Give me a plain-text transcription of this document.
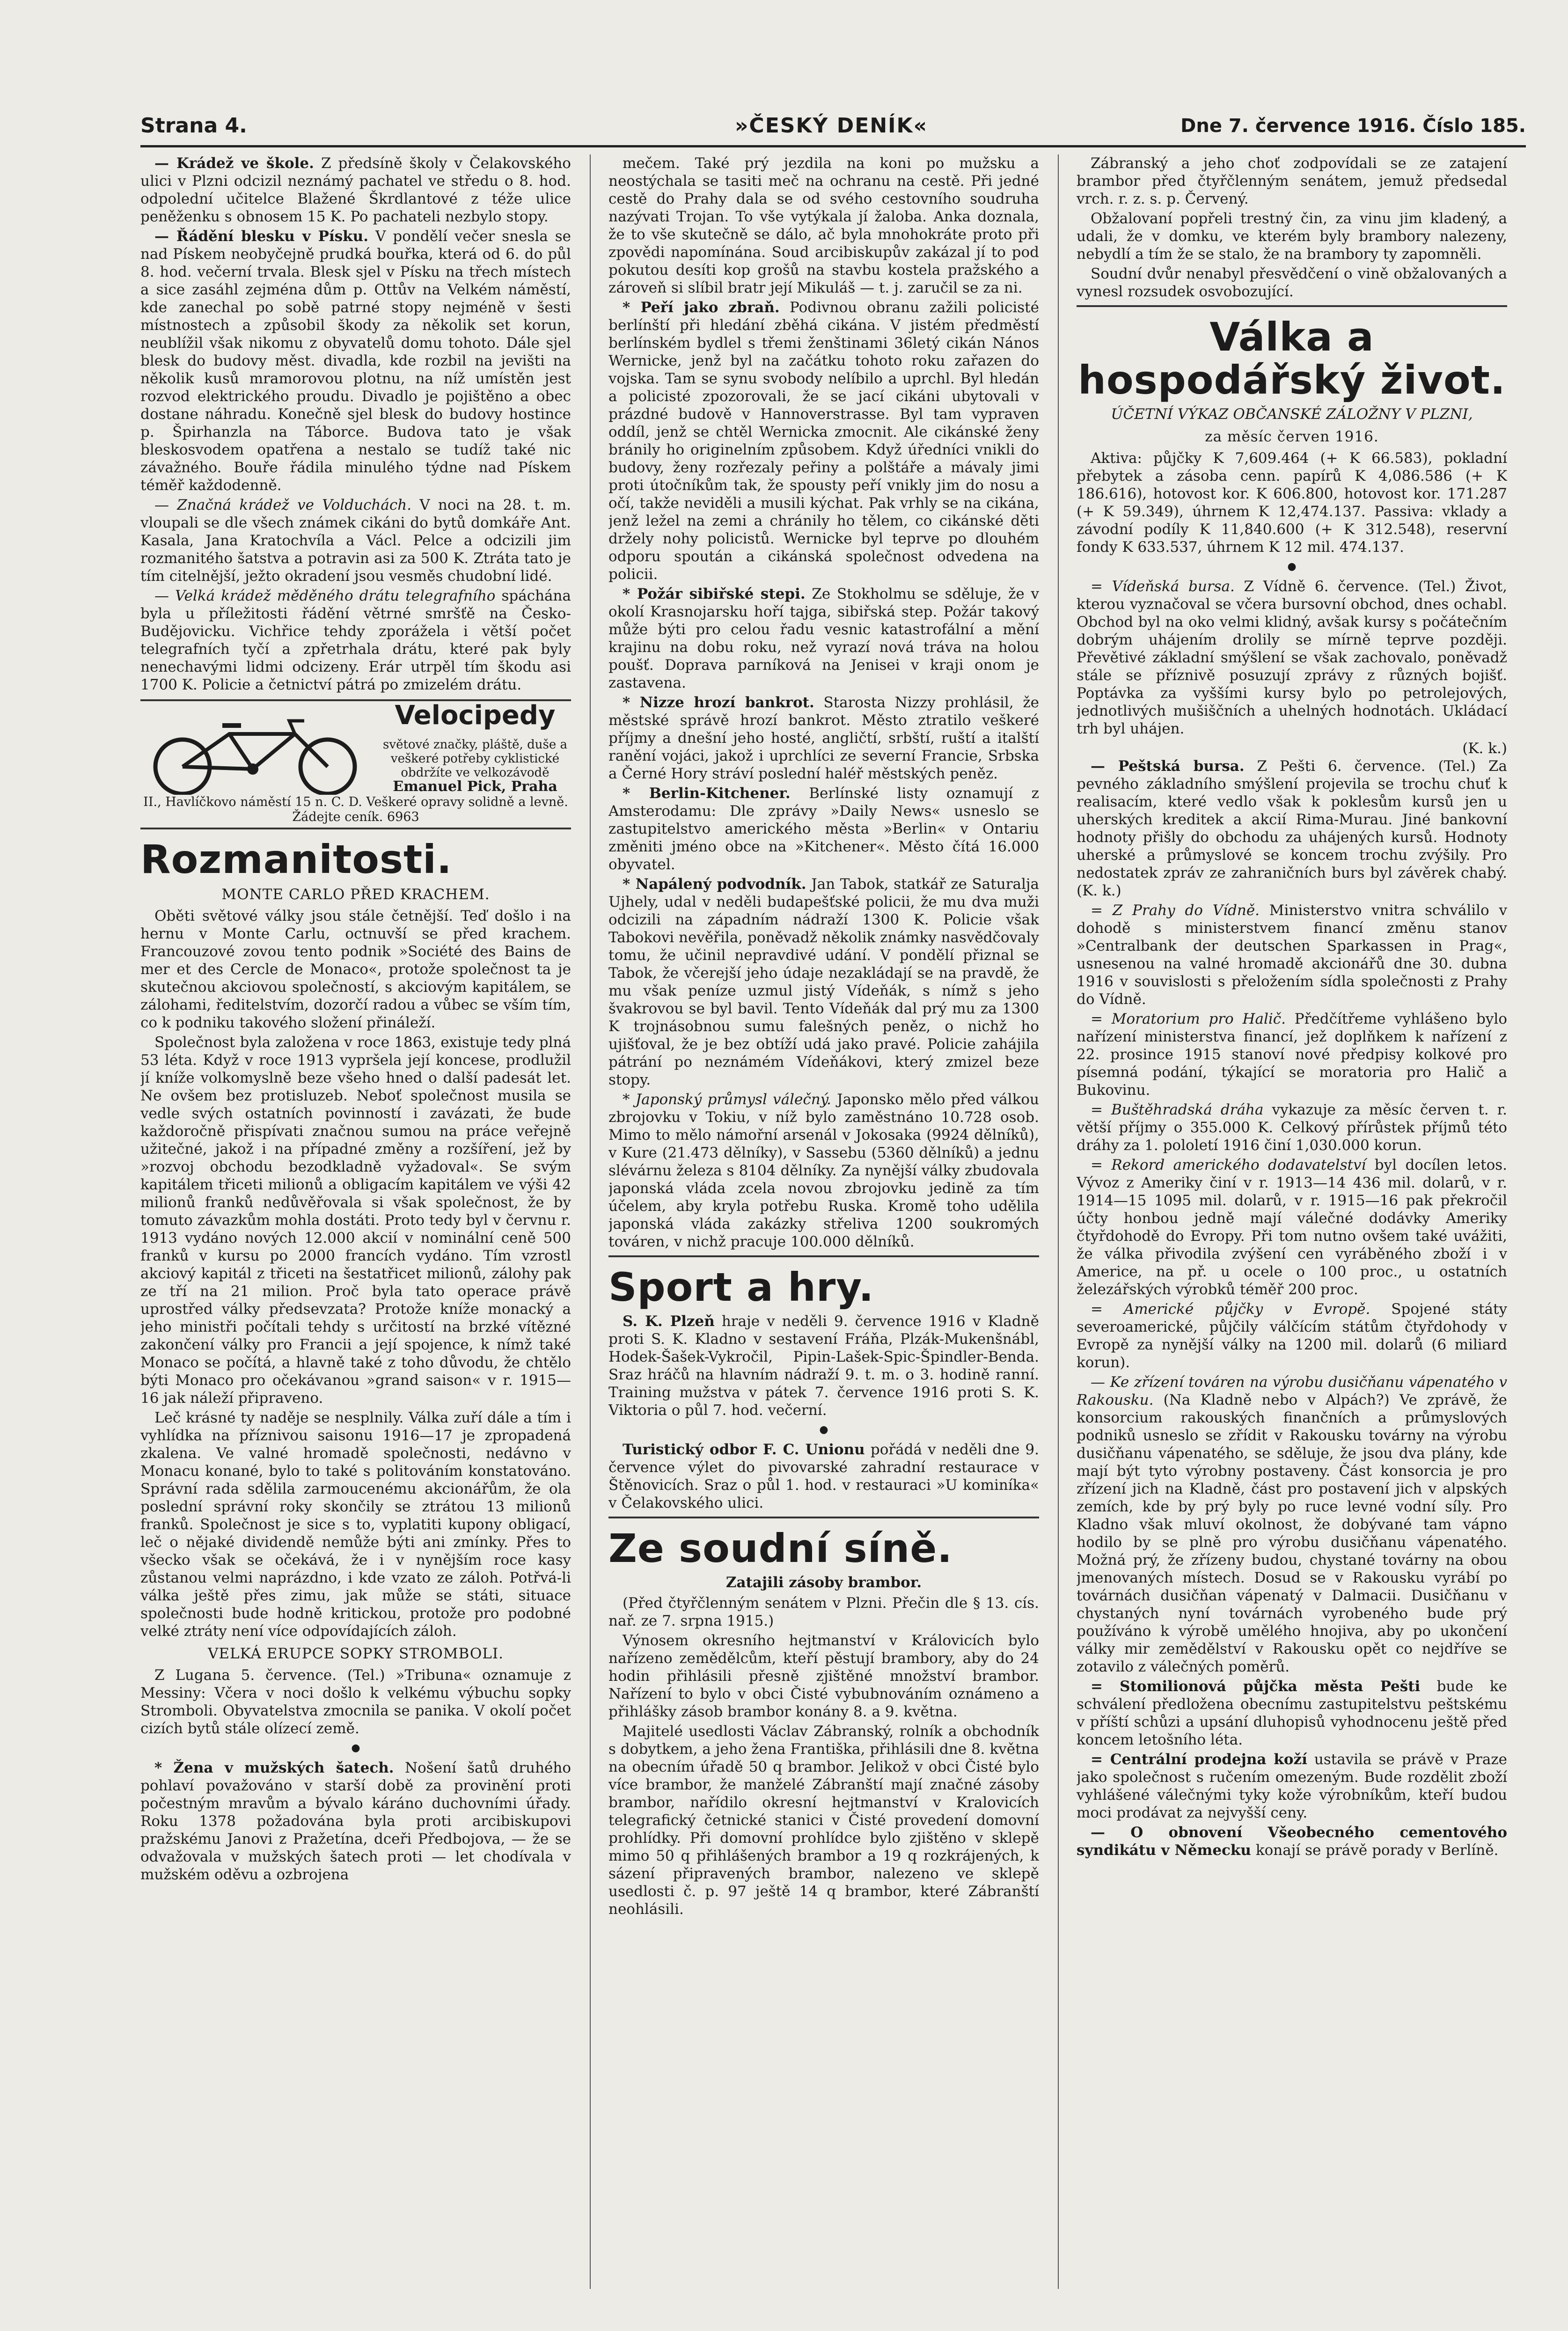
Strana 4.	»ČESKÝ DENÍK«	Dne 7. července 1916. Číslo 185.

— Krádež ve škole. Z předsíně školy v Čelakovského ulici v Plzni odcizil neznámý pachatel ve středu o 8. hod. odpolední učitelce Blažené Škrdlantové z téže ulice peněženku s obnosem 15 K. Po pachateli nezbylo stopy.

— Řádění blesku v Písku. V pondělí večer snesla se nad Pískem neobyčejně prudká bouřka, která od 6. do půl 8. hod. večerní trvala. Blesk sjel v Písku na třech místech a sice zasáhl zejména dům p. Ottův na Velkém náměstí, kde zanechal po sobě patrné stopy nejméně v šesti místnostech a způsobil škody za několik set korun, neublížil však nikomu z obyvatelů domu tohoto. Dále sjel blesk do budovy měst. divadla, kde rozbil na jevišti na několik kusů mramorovou plotnu, na níž umístěn jest rozvod elektrického proudu. Divadlo je pojištěno a obec dostane náhradu. Konečně sjel blesk do budovy hostince p. Špirhanzla na Táborce. Budova tato je však bleskosvodem opatřena a nestalo se tudíž také nic závažného. Bouře řádila minulého týdne nad Pískem téměř každodenně.

— Značná krádež ve Volduchách. V noci na 28. t. m. vloupali se dle všech známek cikáni do bytů domkáře Ant. Kasala, Jana Kratochvíla a Václ. Pelce a odcizili jim rozmanitého šatstva a potravin asi za 500 K. Ztráta tato je tím citelnější, ježto okradení jsou vesměs chudobní lidé.

— Velká krádež měděného drátu telegrafního spáchána byla u příležitosti řádění větrné smršťě na Česko-Budějovicku. Vichřice tehdy zporážela i větší počet telegrafních tyčí a zpřetrhala drátu, které pak byly nenechavými lidmi odcizeny. Erár utrpěl tím škodu asi 1700 K. Policie a četnictví pátrá po zmizelém drátu.

Velocipedy
světové značky, pláště, duše a veškeré potřeby cyklistické obdržíte ve velkozávodě
Emanuel Pick, Praha
II., Havlíčkovo náměstí 15 n. C. D. Veškeré opravy solidně a levně. Žádejte ceník. 6963
Rozmanitosti.
MONTE CARLO PŘED KRACHEM.

Oběti světové války jsou stále četnější. Teď došlo i na hernu v Monte Carlu, octnuvší se před krachem. Francouzové zovou tento podnik »Société des Bains de mer et des Cercle de Monaco«, protože společnost ta je skutečnou akciovou společností, s akciovým kapitálem, se zálohami, ředitelstvím, dozorčí radou a vůbec se vším tím, co k podniku takového složení přináleží.

Společnost byla založena v roce 1863, existuje tedy plná 53 léta. Když v roce 1913 vypršela její koncese, prodlužil jí kníže volkomyslně beze všeho hned o další padesát let. Ne ovšem bez protisluzeb. Neboť společnost musila se vedle svých ostatních povinností i zavázati, že bude každoročně přispívati značnou sumou na práce veřejně užitečné, jakož i na případné změny a rozšíření, jež by »rozvoj obchodu bezodkladně vyžadoval«. Se svým kapitálem třiceti milionů a obligacím kapitálem ve výši 42 milionů franků nedůvěřovala si však společnost, že by tomuto závazkům mohla dostáti. Proto tedy byl v červnu r. 1913 vydáno nových 12.000 akcií v nominální ceně 500 franků v kursu po 2000 francích vydáno. Tím vzrostl akciový kapitál z třiceti na šestatřicet milionů, zálohy pak ze tří na 21 milion. Proč byla tato operace právě uprostřed války předsevzata? Protože kníže monacký a jeho ministři počítali tehdy s určitostí na brzké vítězné zakončení války pro Francii a její spojence, k nímž také Monaco se počítá, a hlavně také z toho důvodu, že chtělo býti Monaco pro očekávanou »grand saison« v r. 1915—16 jak náleží připraveno.

Leč krásné ty naděje se nesplnily. Válka zuří dále a tím i vyhlídka na příznivou saisonu 1916—17 je zpropadená zkalena. Ve valné hromadě společnosti, nedávno v Monacu konané, bylo to také s politováním konstatováno. Správní rada sdělila zarmoucenému akcionářům, že ola poslední správní roky skončily se ztrátou 13 milionů franků. Společnost je sice s to, vyplatiti kupony obligací, leč o nějaké dividendě nemůže býti ani zmínky. Přes to všecko však se očekává, že i v nynějším roce kasy zůstanou velmi naprázdno, i kde vzato ze záloh. Potřvá-li válka ještě přes zimu, jak může se státi, situace společnosti bude hodně kritickou, protože pro podobné velké ztráty není více odpovídajících záloh.

VELKÁ ERUPCE SOPKY STROMBOLI.

Z Lugana 5. července. (Tel.) »Tribuna« oznamuje z Messiny: Včera v noci došlo k velkému výbuchu sopky Stromboli. Obyvatelstva zmocnila se panika. V okolí počet cizích bytů stále olízecí země.

●

* Žena v mužských šatech. Nošení šatů druhého pohlaví považováno v starší době za provinění proti počestným mravům a bývalo káráno duchovními úřady. Roku 1378 požadována byla proti arcibiskupovi pražskému Janovi z Pražetína, dceři Předbojova, — že se odvažovala v mužských šatech proti — let chodívala v mužském oděvu a ozbrojena

mečem. Také prý jezdila na koni po mužsku a neostýchala se tasiti meč na ochranu na cestě. Při jedné cestě do Prahy dala se od svého cestovního soudruha nazývati Trojan. To vše vytýkala jí žaloba. Anka doznala, že to vše skutečně se dálo, ač byla mnohokráte proto při zpovědi napomínána. Soud arcibiskupův zakázal jí to pod pokutou desíti kop grošů na stavbu kostela pražského a zároveň si slíbil bratr její Mikuláš — t. j. zaručil se za ni.

* Peří jako zbraň. Podivnou obranu zažili policisté berlínští při hledání zběhá cikána. V jistém předměstí berlínském bydlel s třemi ženštinami 36letý cikán Nános Wernicke, jenž byl na začátku tohoto roku zařazen do vojska. Tam se synu svobody nelíbilo a uprchl. Byl hledán a policisté zpozorovali, že se jací cikáni ubytovali v prázdné budově v Hannoverstrasse. Byl tam vypraven oddíl, jenž se chtěl Wernicka zmocnit. Ale cikánské ženy bránily ho originelním způsobem. Když úředníci vnikli do budovy, ženy rozřezaly peřiny a polštáře a mávaly jimi proti útočníkům tak, že spousty peří vnikly jim do nosu a očí, takže neviděli a musili kýchat. Pak vrhly se na cikána, jenž ležel na zemi a chránily ho tělem, co cikánské děti držely nohy policistů. Wernicke byl teprve po dlouhém odporu spoután a cikánská společnost odvedena na policii.

* Požár sibiřské stepi. Ze Stokholmu se sděluje, že v okolí Krasnojarsku hoří tajga, sibiřská step. Požár takový může býti pro celou řadu vesnic katastrofální a mění krajinu na dobu roku, než vyrazí nová tráva na holou poušť. Doprava parníková na Jenisei v kraji onom je zastavena.

* Nizze hrozí bankrot. Starosta Nizzy prohlásil, že městské správě hrozí bankrot. Město ztratilo veškeré příjmy a dnešní jeho hosté, angličtí, srbští, ruští a italští ranění vojáci, jakož i uprchlíci ze severní Francie, Srbska a Černé Hory stráví poslední haléř městských peněz.

* Berlin-Kitchener. Berlínské listy oznamují z Amsterodamu: Dle zprávy »Daily News« usneslo se zastupitelstvo amerického města »Berlin« v Ontariu změniti jméno obce na »Kitchener«. Město čítá 16.000 obyvatel.

* Napálený podvodník. Jan Tabok, statkář ze Saturalja Ujhely, udal v neděli budapešťské policii, že mu dva muži odcizili na západním nádraží 1300 K. Policie však Tabokovi nevěřila, poněvadž několik známky nasvědčovaly tomu, že učinil nepravdivé udání. V pondělí přiznal se Tabok, že včerejší jeho údaje nezakládají se na pravdě, že mu však peníze uzmul jistý Vídeňák, s nímž s jeho švakrovou se byl bavil. Tento Vídeňák dal prý mu za 1300 K trojnásobnou sumu falešných peněz, o nichž ho ujišťoval, že je bez obtíží udá jako pravé. Policie zahájila pátrání po neznámém Vídeňákovi, který zmizel beze stopy.

* Japonský průmysl válečný. Japonsko mělo před válkou zbrojovku v Tokiu, v níž bylo zaměstnáno 10.728 osob. Mimo to mělo námořní arsenál v Jokosaka (9924 dělníků), v Kure (21.473 dělníky), v Sassebu (5360 dělníků) a jednu slévárnu železa s 8104 dělníky. Za nynější války zbudovala japonská vláda zcela novou zbrojovku jedině za tím účelem, aby kryla potřebu Ruska. Kromě toho udělila japonská vláda zakázky střelivа 1200 soukromých továren, v nichž pracuje 100.000 dělníků.

Sport a hry.

S. K. Plzeň hraje v neděli 9. července 1916 v Kladně proti S. K. Kladno v sestavení Fráňa, Plzák-Mukenšnábl, Hodek-Šašek-Vykročil, Pipin-Lašek-Spic-Špindler-Benda. Sraz hráčů na hlavním nádraží 9. t. m. o 3. hodině ranní. Training mužstva v pátek 7. července 1916 proti S. K. Viktoria o půl 7. hod. večerní.

●

Turistický odbor F. C. Unionu pořádá v neděli dne 9. července výlet do pivovarské zahradní restaurace v Štěnovicích. Sraz o půl 1. hod. v restauraci »U kominíka« v Čelakovského ulici.

Ze soudní síně.
Zatajili zásoby brambor.

(Před čtyřčlenným senátem v Plzni. Přečin dle § 13. cís. nař. ze 7. srpna 1915.)

Výnosem okresního hejtmanství v Královicích bylo nařízeno zemědělcům, kteří pěstují brambory, aby do 24 hodin přihlásili přesně zjištěné množství brambor. Nařízení to bylo v obci Čisté vybubnováním oznámeno a přihlášky zásob brambor konány 8. a 9. května.

Majitelé usedlosti Václav Zábranský, rolník a obchodník s dobytkem, a jeho žena Františka, přihlásili dne 8. května na obecním úřadě 50 q brambor. Jelikož v obci Čisté bylo více brambor, že manželé Zábranští mají značné zásoby brambor, nařídilo okresní hejtmanství v Kralovicích telegrafický četnické stanici v Čisté provedení domovní prohlídky. Při domovní prohlídce bylo zjištěno v sklepě mimo 50 q přihlášených brambor a 19 q rozkrájených, k sázení připravených brambor, nalezeno ve sklepě usedlosti č. p. 97 ještě 14 q brambor, které Zábranští neohlásili.

Zábranský a jeho choť zodpovídali se ze zatajení brambor před čtyřčlenným senátem, jemuž předsedal vrch. r. z. s. p. Červený.

Obžalovaní popřeli trestný čin, za vinu jim kladený, a udali, že v domku, ve kterém byly brambory nalezeny, nebydlí a tím že se stalo, že na brambory ty zapomněli.

Soudní dvůr nenabyl přesvědčení o vině obžalovaných a vynesl rozsudek osvobozující.

Válka a hospodářský život.
ÚČETNÍ VÝKAZ OBČANSKÉ ZÁLOŽNY V PLZNI,
za měsíc červen 1916.

Aktiva: půjčky K 7,609.464 (+ K 66.583), pokladní přebytek a zásoba cenn. papírů K 4,086.586 (+ K 186.616), hotovost kor. K 606.800, hotovost kor. 171.287 (+ K 59.349), úhrnem K 12,474.137. Passiva: vklady a závodní podíly K 11,840.600 (+ K 312.548), reservní fondy K 633.537, úhrnem K 12 mil. 474.137.

●

= Vídeňská bursa. Z Vídně 6. července. (Tel.) Život, kterou vyznačoval se včera bursovní obchod, dnes ochabl. Obchod byl na oko velmi klidný, avšak kursy s počátečním dobrým uhájením drolily se mírně teprve později. Převětivé základní smýšlení se však zachovalo, poněvadž stále se příznivě posuzují zprávy z různých bojišť. Poptávka za vyššími kursy bylo po petrolejových, jednotlivých mušiščních a uhelných hodnotách. Ukládací trh byl uhájen.

(K. k.)

— Peštská bursa. Z Pešti 6. července. (Tel.) Za pevného základního smýšlení projevila se trochu chuť k realisacím, které vedlo však k poklesům kursů jen u uherských kreditek a akcií Rima-Murau. Jiné bankovní hodnoty přišly do obchodu za uhájených kursů. Hodnoty uherské a průmyslové se koncem trochu zvýšily. Pro nedostatek zpráv ze zahraničních burs byl závěrek chabý. (K. k.)

= Z Prahy do Vídně. Ministerstvo vnitra schválilo v dohodě s ministerstvem financí změnu stanov »Centralbank der deutschen Sparkassen in Prag«, usnesenou na valné hromadě akcionářů dne 30. dubna 1916 v souvislosti s přeložením sídla společnosti z Prahy do Vídně.

= Moratorium pro Halič. Předčítřeme vyhlášeno bylo nařízení ministerstva financí, jež doplňkem k nařízení z 22. prosince 1915 stanoví nové předpisy kolkové pro písemná podání, týkající se moratoria pro Halič a Bukovinu.

= Buštěhradská dráha vykazuje za měsíc červen t. r. větší příjmy o 355.000 K. Celkový přírůstek příjmů této dráhy za 1. pololetí 1916 činí 1,030.000 korun.

= Rekord amerického dodavatelství byl docílen letos. Vývoz z Ameriky činí v r. 1913—14 436 mil. dolarů, v r. 1914—15 1095 mil. dolarů, v r. 1915—16 pak překročil účty honbou jedně mají válečné dodávky Ameriky čtyřdohodě do Evropy. Při tom nutno ovšem také uvážiti, že válka přivodila zvýšení cen vyráběného zboží i v Americe, na př. u ocele o 100 proc., u ostatních železářských výrobků téměř 200 proc.

= Americké půjčky v Evropě. Spojené státy severoamerické, půjčily válčícím státům čtyřdohody v Evropě za nynější války na 1200 mil. dolarů (6 miliard korun).

— Ke zřízení továren na výrobu dusičňanu vápenatého v Rakousku. (Na Kladně nebo v Alpách?) Ve zprávě, že konsorcium rakouských finančních a průmyslových podniků usneslo se zřídit v Rakousku továrny na výrobu dusičňanu vápenatého, se sděluje, že jsou dva plány, kde mají být tyto výrobny postaveny. Část konsorcia je pro zřízení jich na Kladně, část pro postavení jich v alpských zemích, kde by prý byly po ruce levné vodní síly. Pro Kladno však mluví okolnost, že dobývané tam vápno hodilo by se plně pro výrobu dusičňanu vápenatého. Možná prý, že zřízeny budou, chystané továrny na obou jmenovaných místech. Dosud se v Rakousku vyrábí po továrnách dusičňan vápenatý v Dalmacii. Dusičňanu v chystaných nyní továrnách vyrobeného bude prý používáno k výrobě umělého hnojiva, aby po ukončení války mir zemědělství v Rakousku opět co nejdříve se zotavilo z válečných poměrů.

= Stomilionová půjčka města Pešti bude ke schválení předložena obecnímu zastupitelstvu peštskému v příští schůzi a upsání dluhopisů vyhodnocenu ještě před koncem letošního léta.

= Centrální prodejna koží ustavila se právě v Praze jako společnost s ručením omezeným. Bude rozdělit zboží vyhlášené válečnými tyky kože výrobníkům, kteří budou moci prodávat za nejvyšší ceny.

— O obnovení Všeobecného cementového syndikátu v Německu konají se právě porady v Berlíně.
